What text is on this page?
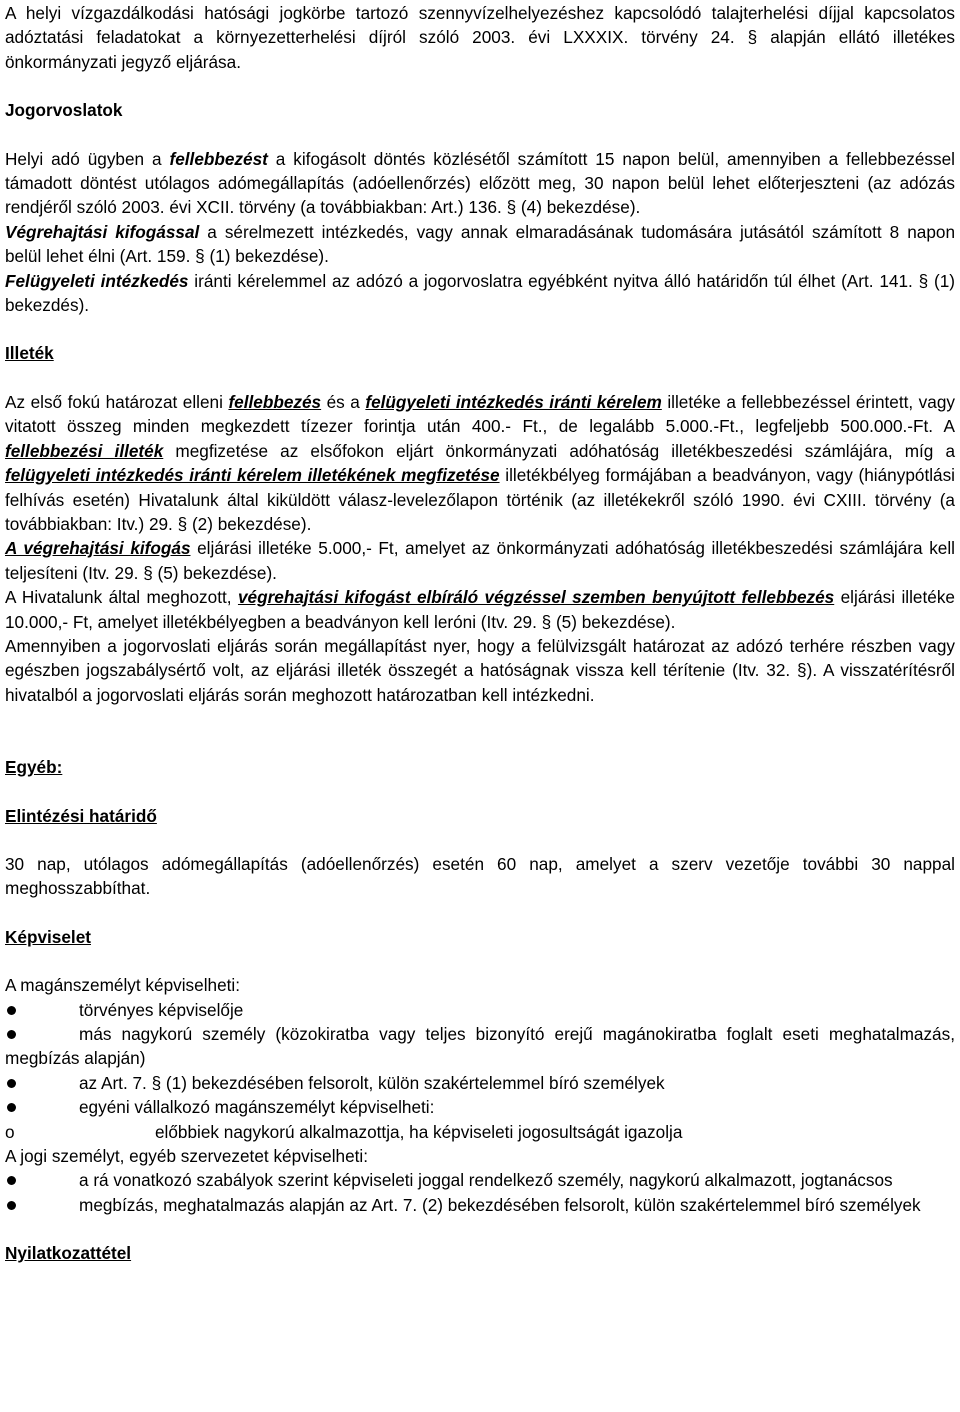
A helyi vízgazdálkodási hatósági jogkörbe tartozó szennyvízelhelyezéshez kapcsolódó talajterhelési díjjal kapcsolatos adóztatási feladatokat a környezetterhelési díjról szóló 2003. évi LXXXIX. törvény 24. § alapján ellátó illetékes önkormányzati jegyző eljárása.

Jogorvoslatok

Helyi adó ügyben a fellebbezést a kifogásolt döntés közlésétől számított 15 napon belül, amennyiben a fellebbezéssel támadott döntést utólagos adómegállapítás (adóellenőrzés) előzött meg, 30 napon belül lehet előterjeszteni (az adózás rendjéről szóló 2003. évi XCII. törvény (a továbbiakban: Art.) 136. § (4) bekezdése).

Végrehajtási kifogással a sérelmezett intézkedés, vagy annak elmaradásának tudomására jutásától számított 8 napon belül lehet élni (Art. 159. § (1) bekezdése).

Felügyeleti intézkedés iránti kérelemmel az adózó a jogorvoslatra egyébként nyitva álló határidőn túl élhet (Art. 141. § (1) bekezdés).

Illeték

Az első fokú határozat elleni fellebbezés és a felügyeleti intézkedés iránti kérelem illetéke a fellebbezéssel érintett, vagy vitatott összeg minden megkezdett tízezer forintja után 400.- Ft., de legalább 5.000.-Ft., legfeljebb 500.000.-Ft. A fellebbezési illeték megfizetése az elsőfokon eljárt önkormányzati adóhatóság illetékbeszedési számlájára, míg a felügyeleti intézkedés iránti kérelem illetékének megfizetése illetékbélyeg formájában a beadványon, vagy (hiánypótlási felhívás esetén) Hivatalunk által kiküldött válasz-levelezőlapon történik (az illetékekről szóló 1990. évi CXIII. törvény (a továbbiakban: Itv.) 29. § (2) bekezdése).

A végrehajtási kifogás eljárási illetéke 5.000,- Ft, amelyet az önkormányzati adóhatóság illetékbeszedési számlájára kell teljesíteni (Itv. 29. § (5) bekezdése).

A Hivatalunk által meghozott, végrehajtási kifogást elbíráló végzéssel szemben benyújtott fellebbezés eljárási illetéke 10.000,- Ft, amelyet illetékbélyegben a beadványon kell leróni (Itv. 29. § (5) bekezdése).

Amennyiben a jogorvoslati eljárás során megállapítást nyer, hogy a felülvizsgált határozat az adózó terhére részben vagy egészben jogszabálysértő volt, az eljárási illeték összegét a hatóságnak vissza kell térítenie (Itv. 32. §). A visszatérítésről hivatalból a jogorvoslati eljárás során meghozott határozatban kell intézkedni.

Egyéb:

Elintézési határidő

30 nap, utólagos adómegállapítás (adóellenőrzés) esetén 60 nap, amelyet a szerv vezetője további 30 nappal meghosszabbíthat.

Képviselet

A magánszemélyt képviselheti:

törvényes képviselője

más nagykorú személy (közokiratba vagy teljes bizonyító erejű magánokiratba foglalt eseti meghatalmazás, megbízás alapján)

az Art. 7. § (1) bekezdésében felsorolt, külön szakértelemmel bíró személyek

egyéni vállalkozó magánszemélyt képviselheti:

o	előbbiek nagykorú alkalmazottja, ha képviseleti jogosultságát igazolja

A jogi személyt, egyéb szervezetet képviselheti:

a rá vonatkozó szabályok szerint képviseleti joggal rendelkező személy, nagykorú alkalmazott, jogtanácsos

megbízás, meghatalmazás alapján az Art. 7. (2) bekezdésében felsorolt, külön szakértelemmel bíró személyek

Nyilatkozattétel
